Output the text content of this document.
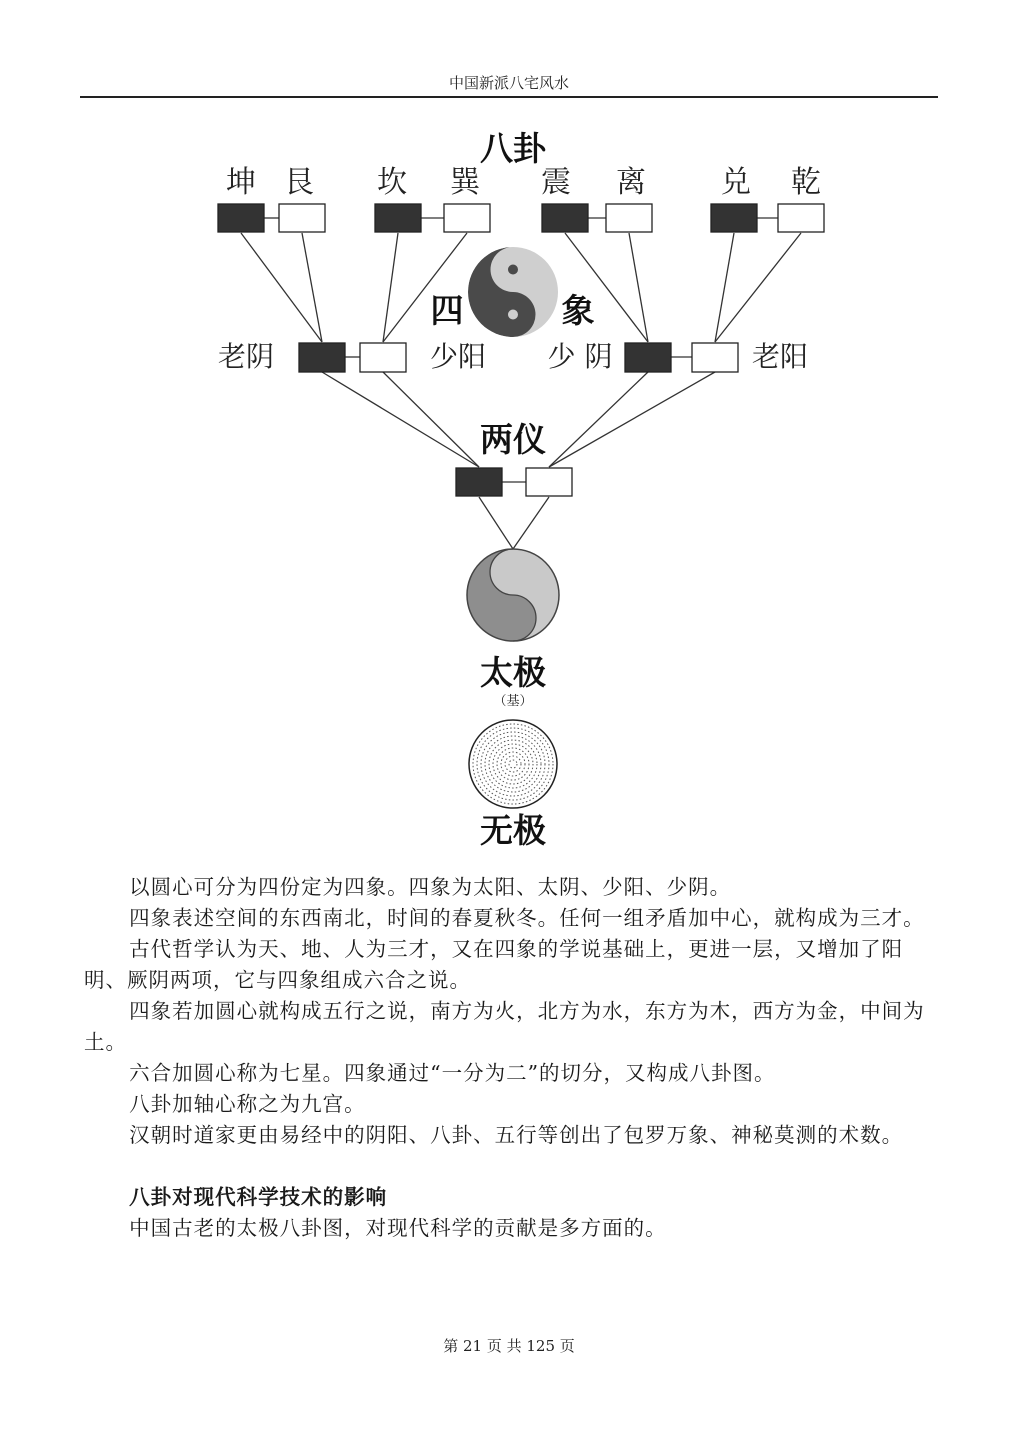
中国新派八宅风水
八卦
坤 艮 坎 巽 震 离	兑 乾
四	象
老阴	少阳 少 阴	老阳
两仪
太极
（基）
无极

以圆心可分为四份定为四象。四象为太阳、太阴、少阳、少阴。

四象表述空间的东西南北，时间的春夏秋冬。任何一组矛盾加中心，就构成为三才。

古代哲学认为天、地、人为三才，又在四象的学说基础上，更进一层，又增加了阳明、厥阴两项，它与四象组成六合之说。

四象若加圆心就构成五行之说，南方为火，北方为水，东方为木，西方为金，中间为土。

六合加圆心称为七星。四象通过“一分为二”的切分，又构成八卦图。

八卦加轴心称之为九宫。

汉朝时道家更由易经中的阴阳、八卦、五行等创出了包罗万象、神秘莫测的术数。

八卦对现代科学技术的影响

中国古老的太极八卦图，对现代科学的贡献是多方面的。

第 21 页 共 125 页
